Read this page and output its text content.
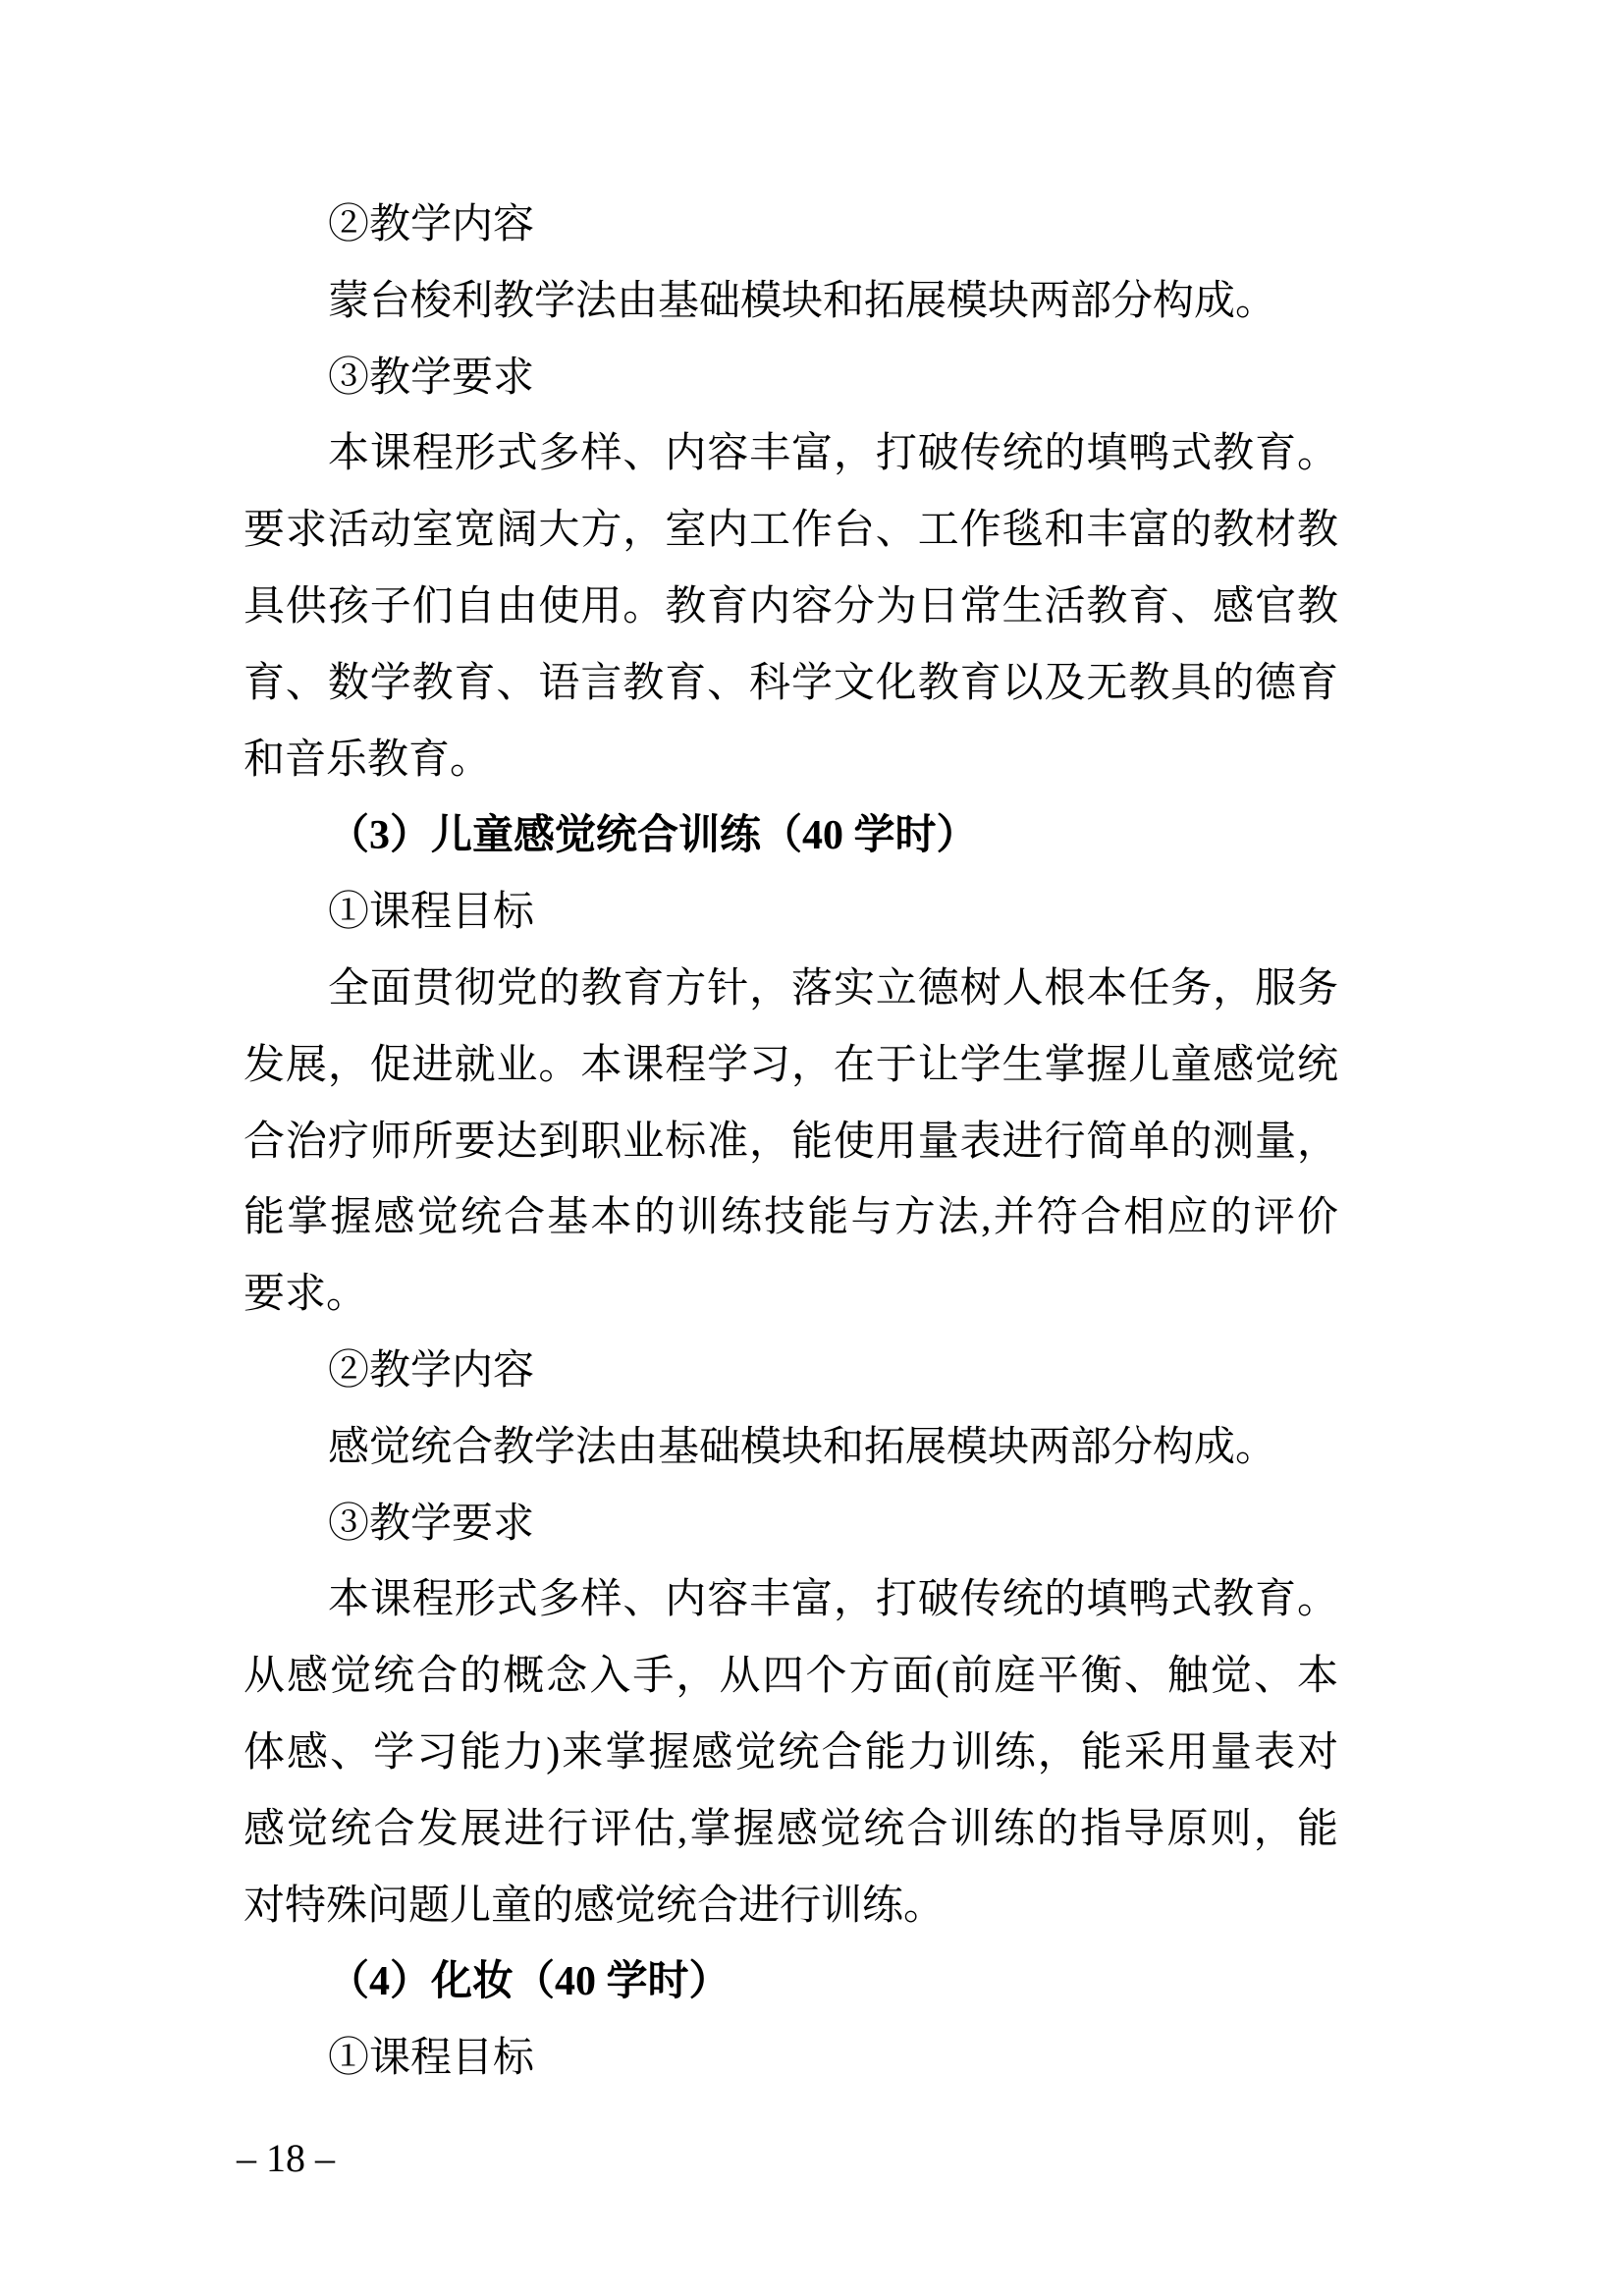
②教学内容
蒙台梭利教学法由基础模块和拓展模块两部分构成。
③教学要求
本课程形式多样、内容丰富，打破传统的填鸭式教育。
要求活动室宽阔大方，室内工作台、工作毯和丰富的教材教
具供孩子们自由使用。教育内容分为日常生活教育、感官教
育、数学教育、语言教育、科学文化教育以及无教具的德育
和音乐教育。
（3）儿童感觉统合训练（40 学时）
①课程目标
全面贯彻党的教育方针，落实立德树人根本任务，服务
发展，促进就业。本课程学习，在于让学生掌握儿童感觉统
合治疗师所要达到职业标准，能使用量表进行简单的测量，
能掌握感觉统合基本的训练技能与方法,并符合相应的评价
要求。
②教学内容
感觉统合教学法由基础模块和拓展模块两部分构成。
③教学要求
本课程形式多样、内容丰富，打破传统的填鸭式教育。
从感觉统合的概念入手，从四个方面(前庭平衡、触觉、本
体感、学习能力)来掌握感觉统合能力训练，能采用量表对
感觉统合发展进行评估,掌握感觉统合训练的指导原则，能
对特殊问题儿童的感觉统合进行训练。
（4）化妆（40 学时）
①课程目标
– 18 –
